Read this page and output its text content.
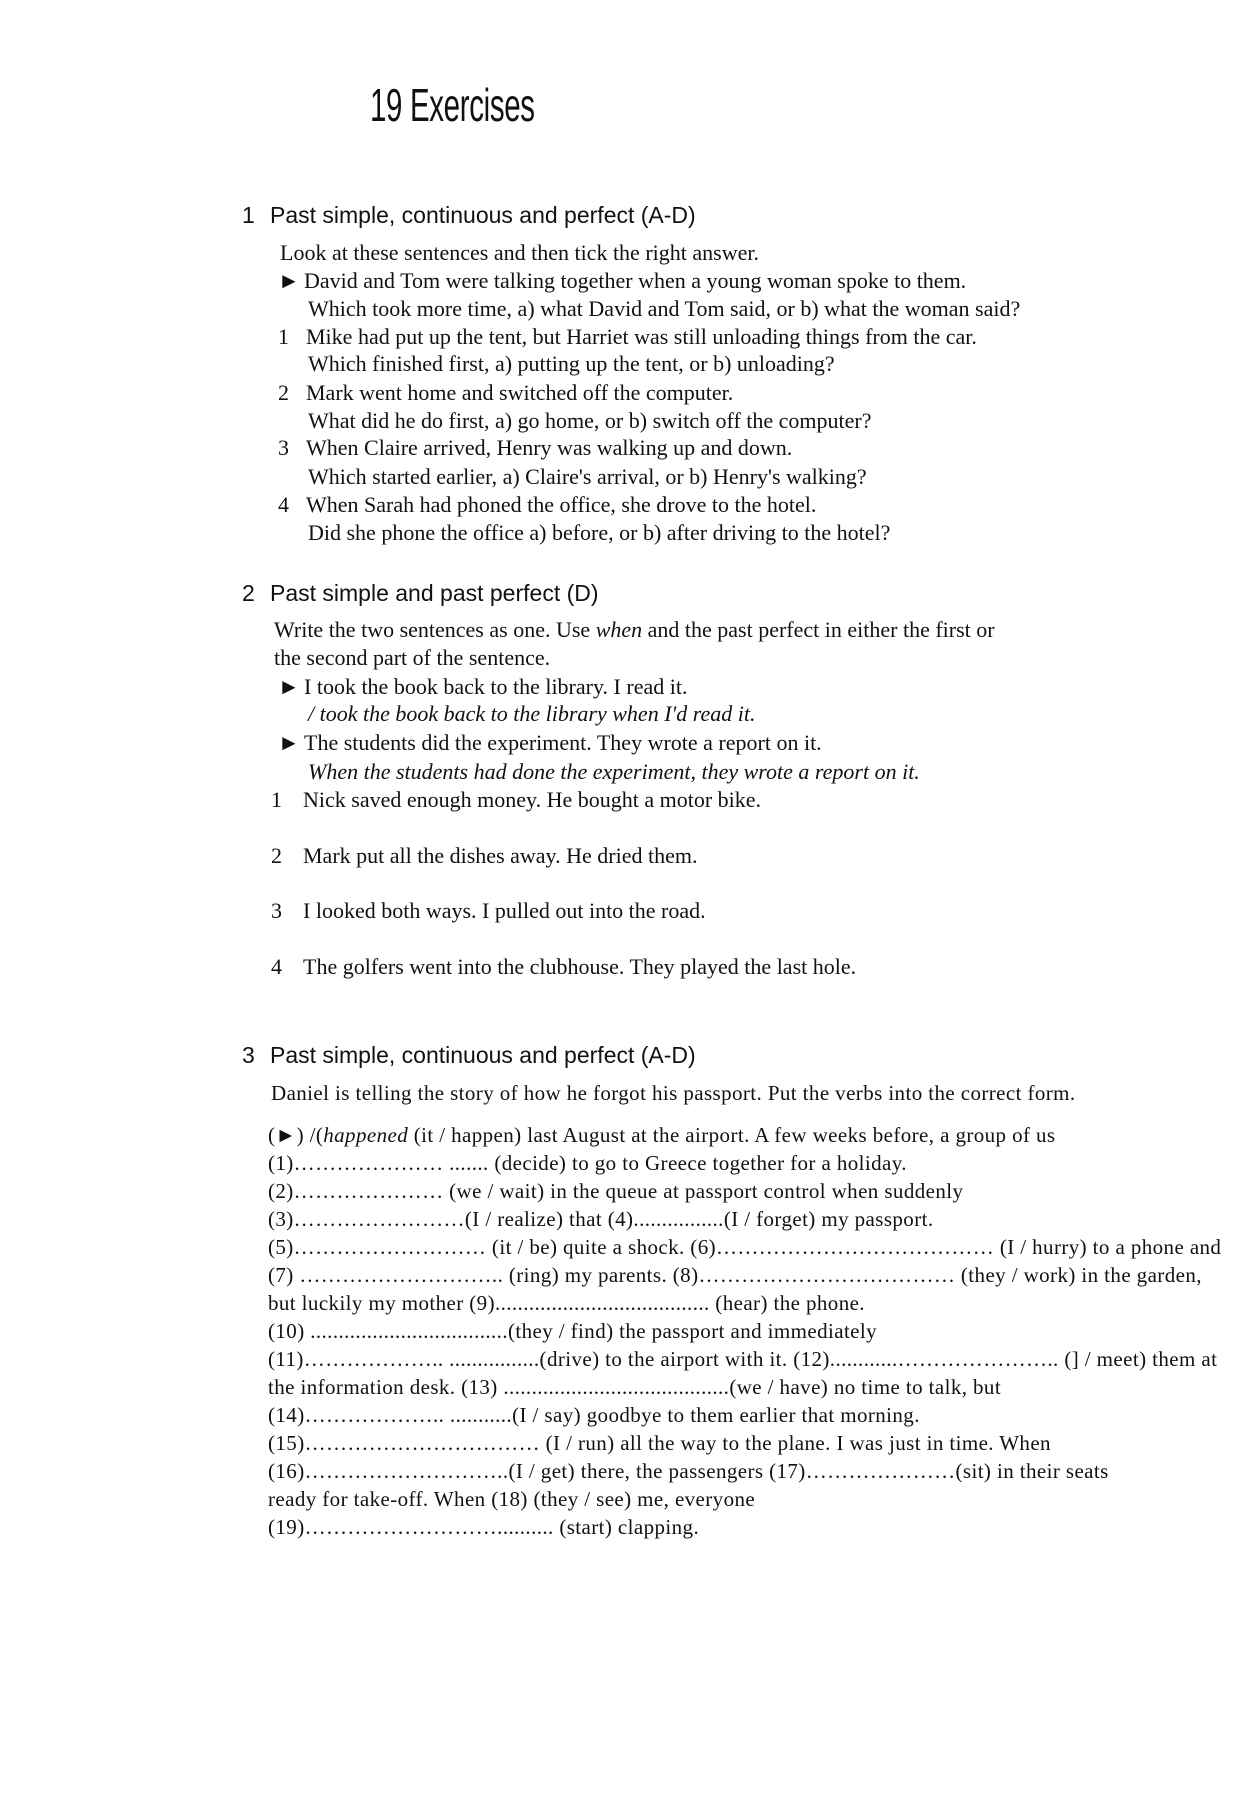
19 Exercises
1 Past simple, continuous and perfect (A-D)
Look at these sentences and then tick the right answer.
► David and Tom were talking together when a young woman spoke to them.
Which took more time, a) what David and Tom said, or b) what the woman said?
1 Mike had put up the tent, but Harriet was still unloading things from the car.
Which finished first, a) putting up the tent, or b) unloading?
2 Mark went home and switched off the computer.
What did he do first, a) go home, or b) switch off the computer?
3 When Claire arrived, Henry was walking up and down.
Which started earlier, a) Claire's arrival, or b) Henry's walking?
4 When Sarah had phoned the office, she drove to the hotel.
Did she phone the office a) before, or b) after driving to the hotel?
2 Past simple and past perfect (D)
Write the two sentences as one. Use when and the past perfect in either the first or
the second part of the sentence.
► I took the book back to the library. I read it.
/ took the book back to the library when I'd read it.
► The students did the experiment. They wrote a report on it.
When the students had done the experiment, they wrote a report on it.
1 Nick saved enough money. He bought a motor bike.
2 Mark put all the dishes away. He dried them.
3 I looked both ways. I pulled out into the road.
4 The golfers went into the clubhouse. They played the last hole.
3 Past simple, continuous and perfect (A-D)
Daniel is telling the story of how he forgot his passport. Put the verbs into the correct form.
(►) /(happened (it / happen) last August at the airport. A few weeks before, a group of us
(1)………………… ....... (decide) to go to Greece together for a holiday.
(2)………………… (we / wait) in the queue at passport control when suddenly
(3)……………………(I / realize) that (4)................(I / forget) my passport.
(5)……………………… (it / be) quite a shock. (6)………………………………… (I / hurry) to a phone and
(7) ……………………….. (ring) my parents. (8)……………………………… (they / work) in the garden,
but luckily my mother (9)...................................... (hear) the phone.
(10) ...................................(they / find) the passport and immediately
(11)……………….. ................(drive) to the airport with it. (12)............………………….. (] / meet) them at
the information desk. (13) ........................................(we / have) no time to talk, but
(14)……………….. ...........(I / say) goodbye to them earlier that morning.
(15)…………………………… (I / run) all the way to the plane. I was just in time. When
(16)………………………..(I / get) there, the passengers (17)…………………(sit) in their seats
ready for take-off. When (18) (they / see) me, everyone
(19)……………………….......... (start) clapping.
